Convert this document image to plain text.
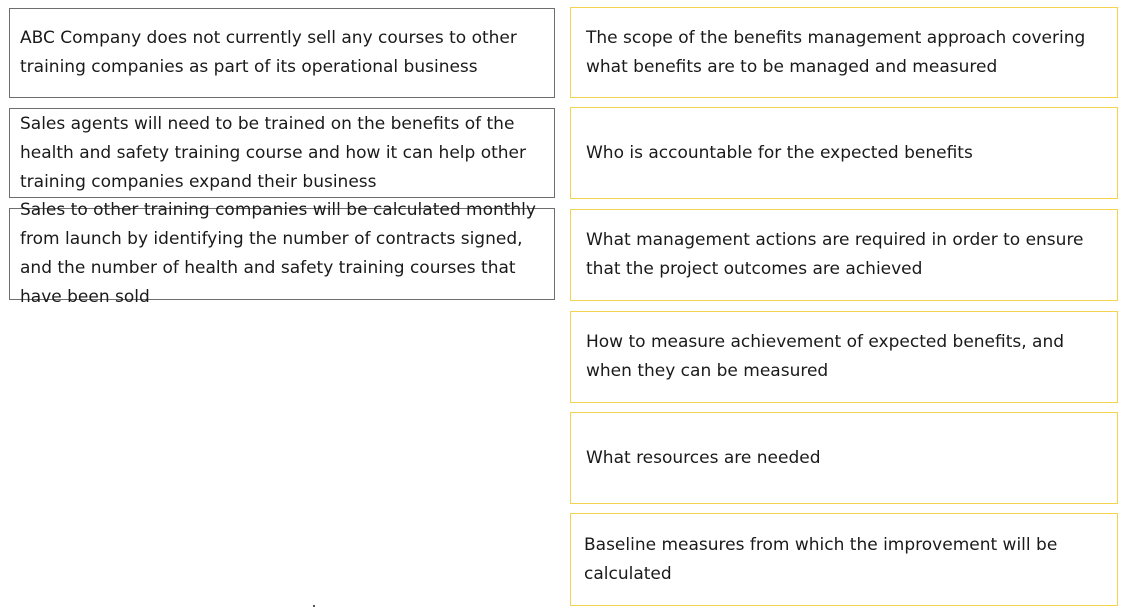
ABC Company does not currently sell any courses to other training companies as part of its operational business
Sales agents will need to be trained on the benefits of the health and safety training course and how it can help other training companies expand their business
Sales to other training companies will be calculated monthly from launch by identifying the number of contracts signed, and the number of health and safety training courses that have been sold
The scope of the benefits management approach covering what benefits are to be managed and measured
Who is accountable for the expected benefits
What management actions are required in order to ensure that the project outcomes are achieved
How to measure achievement of expected benefits, and when they can be measured
What resources are needed
Baseline measures from which the improvement will be calculated
